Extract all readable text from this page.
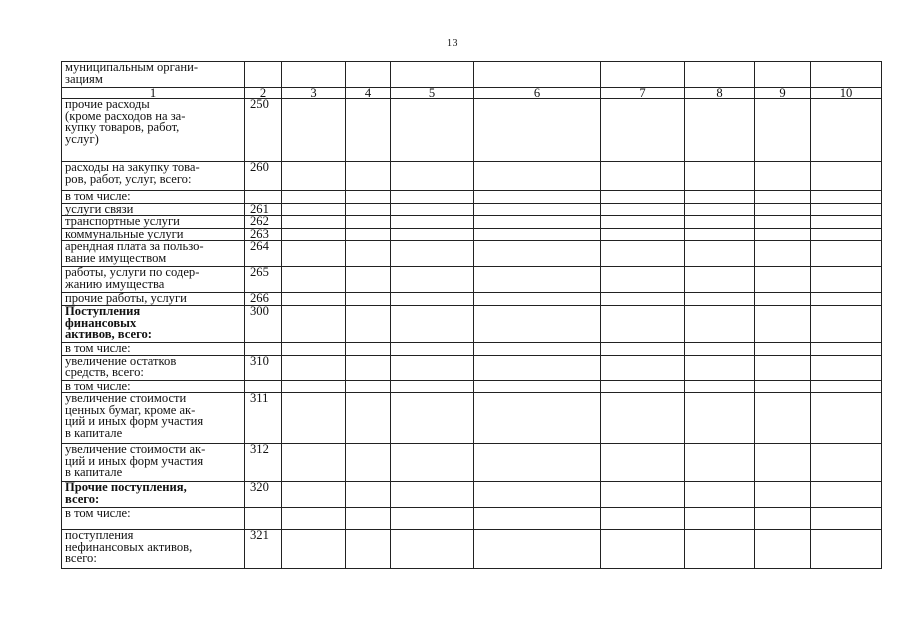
13
муниципальным органи-
зациям									
1	2	3	4	5	6	7	8	9	10
прочие расходы
(кроме расходов на за-
купку товаров, работ,
услуг)	250								
расходы на закупку това-
ров, работ, услуг, всего:	260								
в том числе:									
услуги связи	261								
транспортные услуги	262								
коммунальные услуги	263								
арендная плата за пользо-
вание имуществом	264								
работы, услуги по содер-
жанию имущества	265								
прочие работы, услуги	266								
Поступления
финансовых
активов, всего:	300								
в том числе:									
увеличение остатков
средств, всего:	310								
в том числе:									
увеличение стоимости
ценных бумаг, кроме ак-
ций и иных форм участия
в капитале	311								
увеличение стоимости ак-
ций и иных форм участия
в капитале	312								
Прочие поступления,
всего:	320								
в том числе:									
поступления
нефинансовых активов,
всего:	321								
